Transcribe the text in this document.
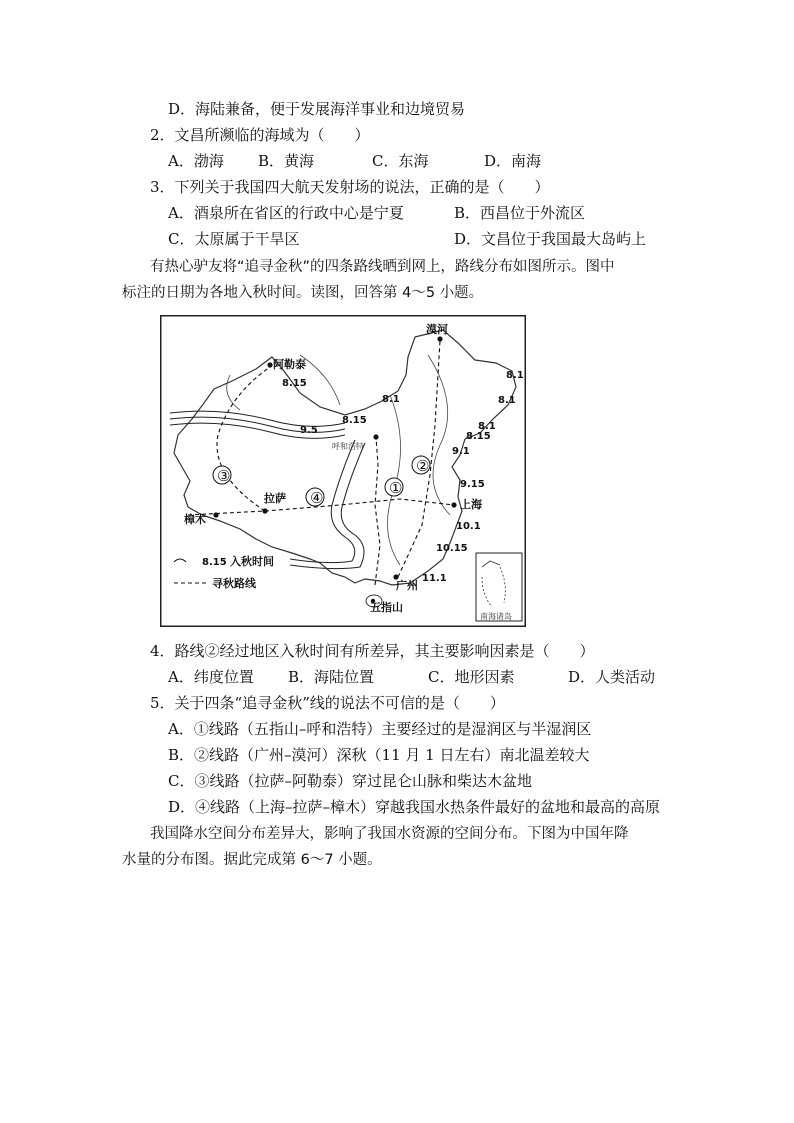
D．海陆兼备，便于发展海洋事业和边境贸易
2．文昌所濒临的海域为（　　）
A．渤海 B．黄海	C．东海	D．南海
3．下列关于我国四大航天发射场的说法，正确的是（　　）
A．酒泉所在省区的行政中心是宁夏	B．西昌位于外流区
C．太原属于干旱区	D．文昌位于我国最大岛屿上
有热心驴友将“追寻金秋”的四条路线晒到网上，路线分布如图所示。图中
标注的日期为各地入秋时间。读图，回答第 4～5 小题。
漠河
阿勒泰
呼和浩特
拉萨
樟木
上海
广州
五指山
8.15
9.5
8.15
8.1
8.1
8.1
8.1
8.15
9.1
9.15
10.1
10.15
11.1
①
②
③
④
8.15 入秋时间
寻秋路线
南海诸岛
4．路线②经过地区入秋时间有所差异，其主要影响因素是（　　）
A．纬度位置 B．海陆位置	C．地形因素	D．人类活动
5．关于四条“追寻金秋”线的说法不可信的是（　　）
A．①线路（五指山–呼和浩特）主要经过的是湿润区与半湿润区
B．②线路（广州–漠河）深秋（11 月 1 日左右）南北温差较大
C．③线路（拉萨–阿勒泰）穿过昆仑山脉和柴达木盆地
D．④线路（上海–拉萨–樟木）穿越我国水热条件最好的盆地和最高的高原
我国降水空间分布差异大，影响了我国水资源的空间分布。下图为中国年降
水量的分布图。据此完成第 6～7 小题。
